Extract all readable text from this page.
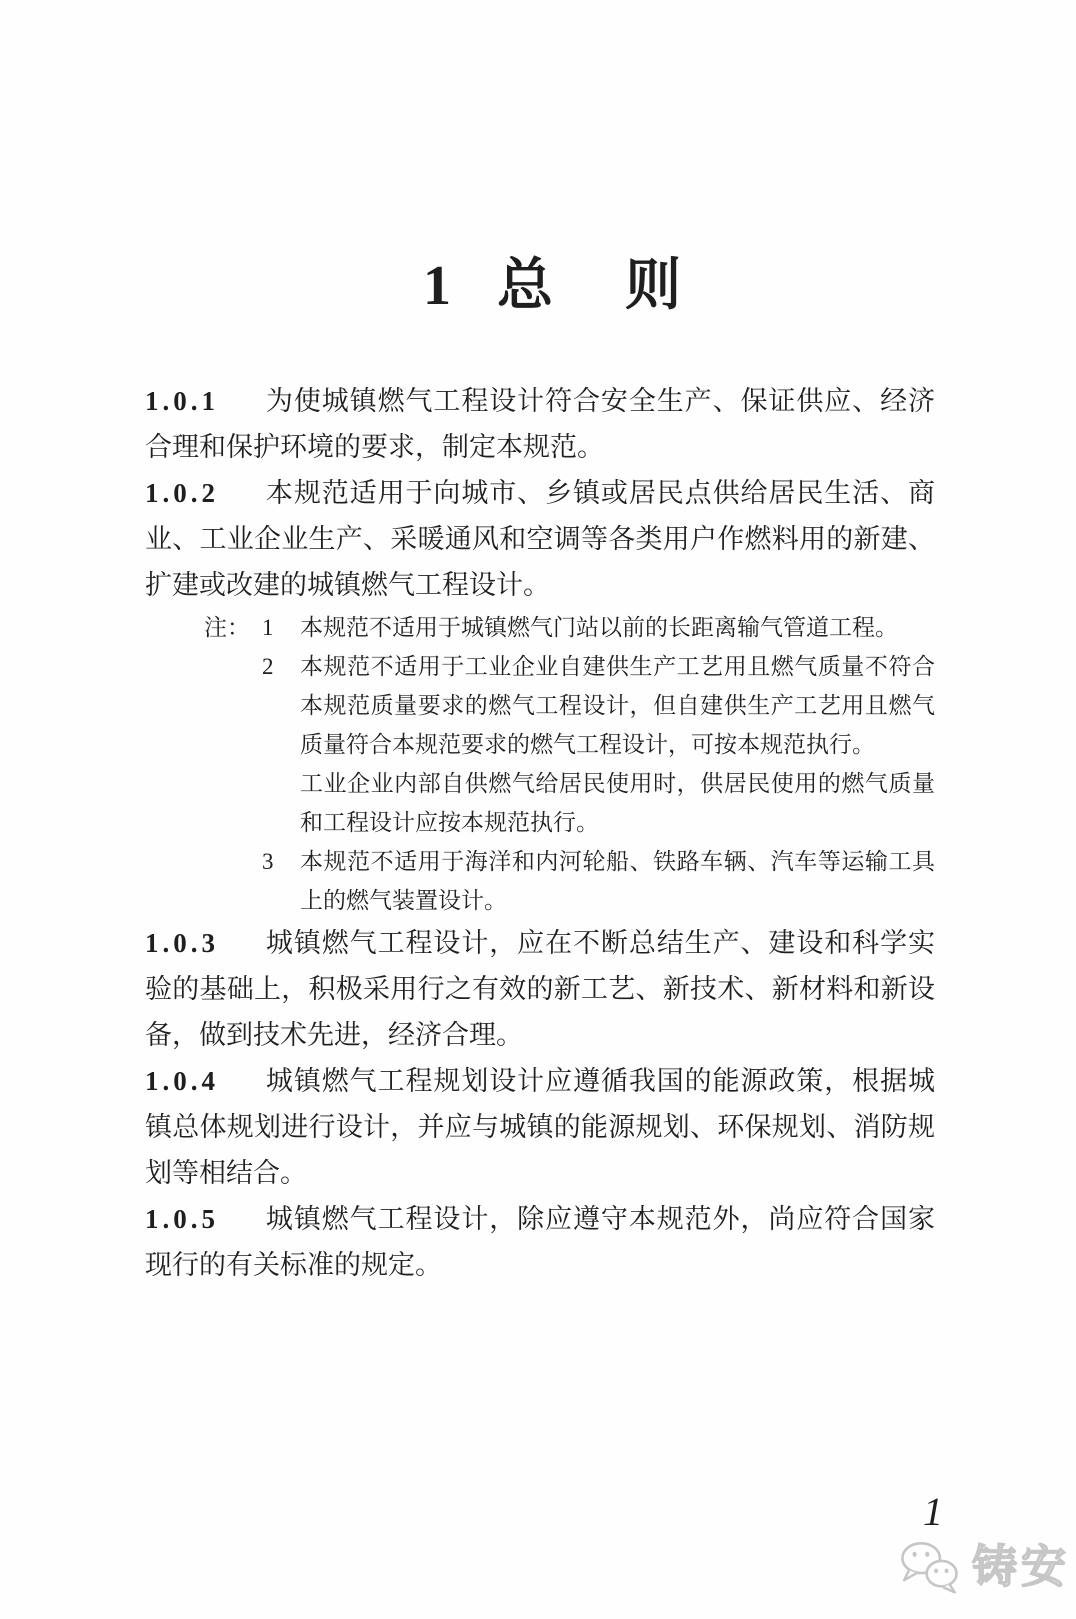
1 总 则

1.0.1 为使城镇燃气工程设计符合安全生产、保证供应、经济合理和保护环境的要求，制定本规范。

1.0.2 本规范适用于向城市、乡镇或居民点供给居民生活、商业、工业企业生产、采暖通风和空调等各类用户作燃料用的新建、扩建或改建的城镇燃气工程设计。

注： 1	本规范不适用于城镇燃气门站以前的长距离输气管道工程。

2	本规范不适用于工业企业自建供生产工艺用且燃气质量不符合本规范质量要求的燃气工程设计，但自建供生产工艺用且燃气质量符合本规范要求的燃气工程设计，可按本规范执行。

工业企业内部自供燃气给居民使用时，供居民使用的燃气质量和工程设计应按本规范执行。

3	本规范不适用于海洋和内河轮船、铁路车辆、汽车等运输工具上的燃气装置设计。

1.0.3 城镇燃气工程设计，应在不断总结生产、建设和科学实验的基础上，积极采用行之有效的新工艺、新技术、新材料和新设备，做到技术先进，经济合理。

1.0.4 城镇燃气工程规划设计应遵循我国的能源政策，根据城镇总体规划进行设计，并应与城镇的能源规划、环保规划、消防规划等相结合。

1.0.5 城镇燃气工程设计，除应遵守本规范外，尚应符合国家现行的有关标准的规定。

1
铸安
